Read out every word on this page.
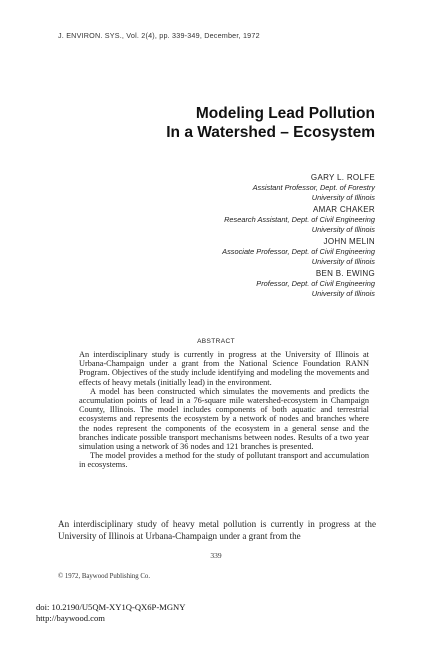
J. ENVIRON. SYS., Vol. 2(4), pp. 339-349, December, 1972
Modeling Lead Pollution
In a Watershed – Ecosystem
GARY L. ROLFE
Assistant Professor, Dept. of Forestry
University of Illinois
AMAR CHAKER
Research Assistant, Dept. of Civil Engineering
University of Illinois
JOHN MELIN
Associate Professor, Dept. of Civil Engineering
University of Illinois
BEN B. EWING
Professor, Dept. of Civil Engineering
University of Illinois
ABSTRACT

An interdisciplinary study is currently in progress at the University of Illinois at Urbana-Champaign under a grant from the National Science Foundation RANN Program. Objectives of the study include identifying and modeling the movements and effects of heavy metals (initially lead) in the environment.

A model has been constructed which simulates the movements and predicts the accumulation points of lead in a 76-square mile watershed-ecosystem in Champaign County, Illinois. The model includes components of both aquatic and terrestrial ecosystems and represents the ecosystem by a network of nodes and branches where the nodes represent the components of the ecosystem in a general sense and the branches indicate possible transport mechanisms between nodes. Results of a two year simulation using a network of 36 nodes and 121 branches is presented.

The model provides a method for the study of pollutant transport and accumulation in ecosystems.

An interdisciplinary study of heavy metal pollution is currently in progress at the University of Illinois at Urbana-Champaign under a grant from the

339
© 1972, Baywood Publishing Co.
doi: 10.2190/U5QM-XY1Q-QX6P-MGNY
http://baywood.com
